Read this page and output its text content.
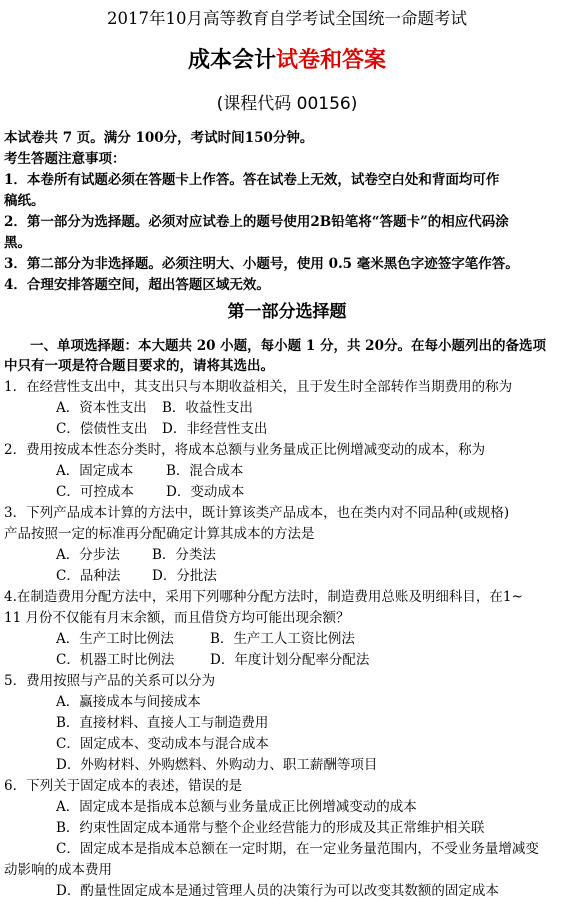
2017年10月高等教育自学考试全国统一命题考试
成本会计试卷和答案
(课程代码 00156)
本试卷共 7 页。满分 100分，考试时间150分钟。
考生答题注意事项：
1．本卷所有试题必须在答题卡上作答。答在试卷上无效，试卷空白处和背面均可作
稿纸。
2．第一部分为选择题。必须对应试卷上的题号使用2B铅笔将“答题卡”的相应代码涂
黑。
3．第二部分为非选择题。必须注明大、小题号，使用 0.5 毫米黑色字迹签字笔作答。
4．合理安排答题空间，超出答题区域无效。
第一部分选择题
一、单项选择题：本大题共 20 小题，每小题 1 分，共 20分。在每小题列出的备选项
中只有一项是符合题目要求的，请将其选出。
1．在经营性支出中，其支出只与本期收益相关，且于发生时全部转作当期费用的称为
A．资本性支出 B．收益性支出
C．偿债性支出 D．非经营性支出
2．费用按成本性态分类时，将成本总额与业务量成正比例增减变动的成本，称为
A．固定成本 B．混合成本
C．可控成本 D．变动成本
3．下列产品成本计算的方法中，既计算该类产品成本，也在类内对不同品种(或规格)
产品按照一定的标准再分配确定计算其成本的方法是
A．分步法 B．分类法
C．品种法 D．分批法
4.在制造费用分配方法中，采用下列哪种分配方法时，制造费用总账及明细科目，在1~
11 月份不仅能有月末余额，而且借贷方均可能出现余额？
A．生产工时比例法	B．生产工人工资比例法
C．机器工时比例法	D．年度计划分配率分配法
5．费用按照与产品的关系可以分为
A．赢接成本与间接成本
B．直接材料、直接人工与制造费用
C．固定成本、变动成本与混合成本
D．外购材料、外购燃料、外购动力、职工薪酬等项目
6．下列关于固定成本的表述，错误的是
A．固定成本是指成本总额与业务量成正比例增减变动的成本
B．约束性固定成本通常与整个企业经营能力的形成及其正常维护相关联
C．固定成本是指成本总额在一定时期，在一定业务量范围内，不受业务量增减变
动影响的成本费用
D．酌量性固定成本是通过管理人员的决策行为可以改变其数额的固定成本
